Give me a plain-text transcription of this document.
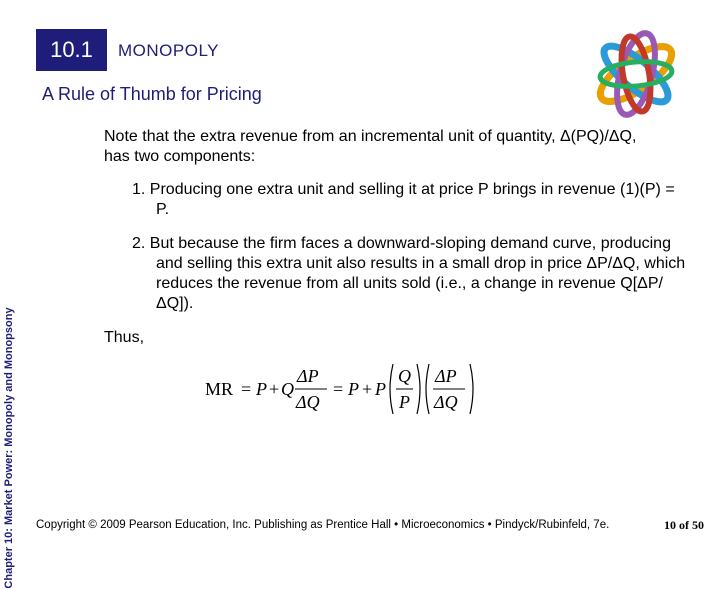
10.1 MONOPOLY
A Rule of Thumb for Pricing
Chapter 10: Market Power: Monopoly and Monopsony
Note that the extra revenue from an incremental unit of quantity, Δ(PQ)/ΔQ, has two components:
1. Producing one extra unit and selling it at price P brings in revenue (1)(P) = P.
2. But because the firm faces a downward-sloping demand curve, producing and selling this extra unit also results in a small drop in price ΔP/ΔQ, which reduces the revenue from all units sold (i.e., a change in revenue Q[ΔP/ΔQ]).
Thus,
MR = P + Q
ΔP
ΔQ
= P + P
Q
P
ΔP
ΔQ
Copyright © 2009 Pearson Education, Inc. Publishing as Prentice Hall • Microeconomics • Pindyck/Rubinfeld, 7e.	10 of 50
